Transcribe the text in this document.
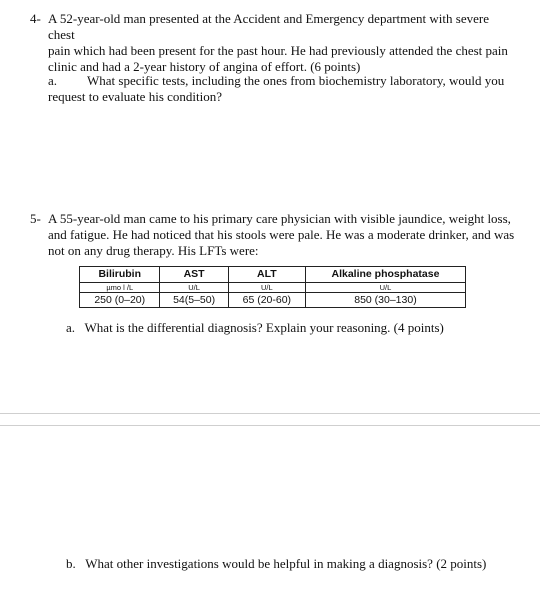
4- A 52-year-old man presented at the Accident and Emergency department with severe chest
pain which had been present for the past hour. He had previously attended the chest pain
clinic and had a 2-year history of angina of effort. (6 points)
a. What specific tests, including the ones from biochemistry laboratory, would you
request to evaluate his condition?
5- A 55-year-old man came to his primary care physician with visible jaundice, weight loss,
and fatigue. He had noticed that his stools were pale. He was a moderate drinker, and was
not on any drug therapy. His LFTs were:
Bilirubin	AST	ALT	Alkaline phosphatase
µmo l /L	U/L	U/L	U/L
250 (0–20)	54(5–50)	65 (20-60)	850 (30–130)
a.   What is the differential diagnosis? Explain your reasoning. (4 points)
b.   What other investigations would be helpful in making a diagnosis? (2 points)
